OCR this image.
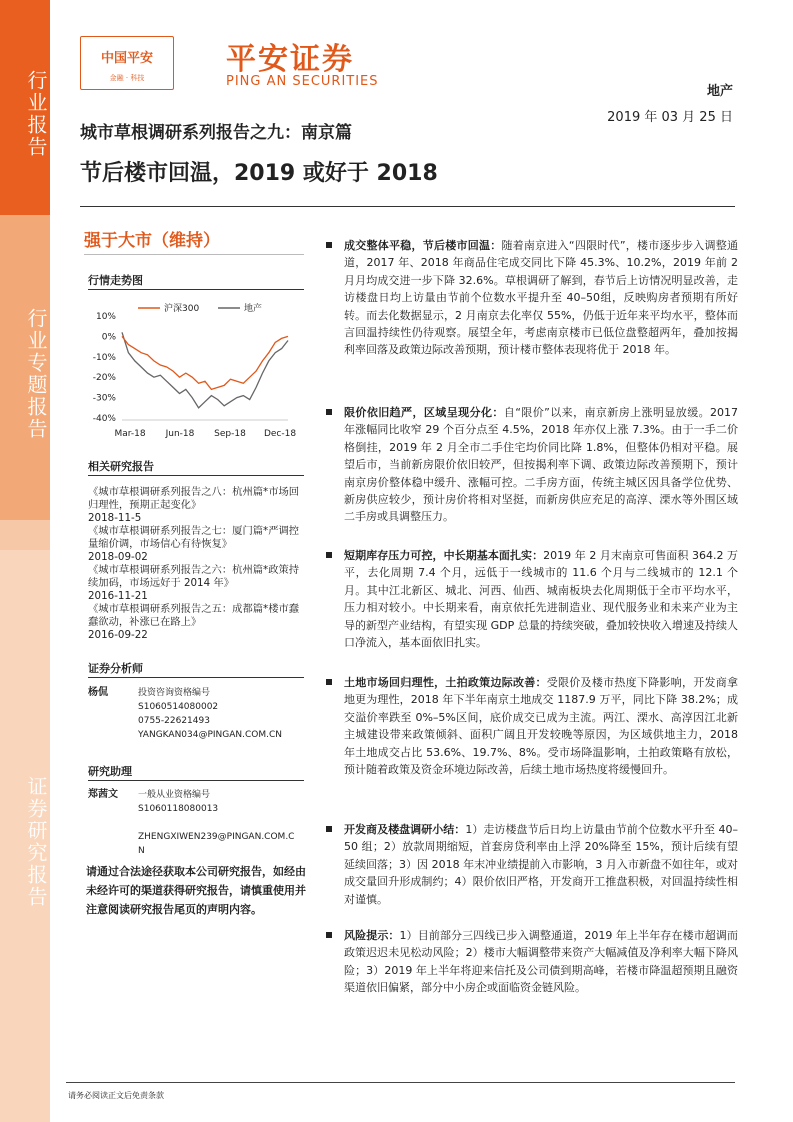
行业报告
行业专题报告
证券研究报告
中国平安
金融 · 科技
平安证券
PING AN SECURITIES
地产
2019 年 03 月 25 日
城市草根调研系列报告之九：南京篇
节后楼市回温，2019 或好于 2018
强于大市（维持）
行情走势图
10%
0%
-10%
-20%
-30%
-40%
Mar-18 Jun-18 Sep-18 Dec-18
沪深300	地产
相关研究报告
《城市草根调研系列报告之八：杭州篇*市场回归理性，预期正起变化》
2018-11-5
《城市草根调研系列报告之七：厦门篇*严调控量缩价调，市场信心有待恢复》
2018-09-02
《城市草根调研系列报告之六：杭州篇*政策持续加码，市场远好于 2014 年》
2016-11-21
《城市草根调研系列报告之五：成都篇*楼市蠢蠢欲动，补涨已在路上》
2016-09-22
证券分析师
杨侃	投资咨询资格编号
S1060514080002
0755-22621493
YANGKAN034@PINGAN.COM.CN
研究助理
郑茜文 一般从业资格编号
S1060118080013
ZHENGXIWEN239@PINGAN.COM.C
N
请通过合法途径获取本公司研究报告，如经由未经许可的渠道获得研究报告，请慎重使用并注意阅读研究报告尾页的声明内容。
成交整体平稳，节后楼市回温：随着南京进入“四限时代”，楼市逐步步入调整通道，2017 年、2018 年商品住宅成交同比下降 45.3%、10.2%，2019 年前 2 月月均成交进一步下降 32.6%。草根调研了解到，春节后上访情况明显改善，走访楼盘日均上访量由节前个位数水平提升至 40–50组，反映购房者预期有所好转。而去化数据显示，2 月南京去化率仅 55%，仍低于近年来平均水平，整体而言回温持续性仍待观察。展望全年，考虑南京楼市已低位盘整超两年，叠加按揭利率回落及政策边际改善预期，预计楼市整体表现将优于 2018 年。
限价依旧趋严，区域呈现分化：自“限价”以来，南京新房上涨明显放缓。2017 年涨幅同比收窄 29 个百分点至 4.5%，2018 年亦仅上涨 7.3%。由于一手二价格倒挂，2019 年 2 月全市二手住宅均价同比降 1.8%，但整体仍相对平稳。展望后市，当前新房限价依旧较严，但按揭利率下调、政策边际改善预期下，预计南京房价整体稳中缓升、涨幅可控。二手房方面，传统主城区因具备学位优势、新房供应较少，预计房价将相对坚挺，而新房供应充足的高淳、溧水等外围区域二手房或具调整压力。
短期库存压力可控，中长期基本面扎实：2019 年 2 月末南京可售面积 364.2 万平，去化周期 7.4 个月，远低于一线城市的 11.6 个月与二线城市的 12.1 个月。其中江北新区、城北、河西、仙西、城南板块去化周期低于全市平均水平，压力相对较小。中长期来看，南京依托先进制造业、现代服务业和未来产业为主导的新型产业结构，有望实现 GDP 总量的持续突破，叠加较快收入增速及持续人口净流入，基本面依旧扎实。
土地市场回归理性，土拍政策边际改善：受限价及楼市热度下降影响，开发商拿地更为理性，2018 年下半年南京土地成交 1187.9 万平，同比下降 38.2%；成交溢价率跌至 0%–5%区间，底价成交已成为主流。两江、溧水、高淳因江北新主城建设带来政策倾斜、面积广阔且开发较晚等原因，为区域供地主力，2018 年土地成交占比 53.6%、19.7%、8%。受市场降温影响，土拍政策略有放松，预计随着政策及资金环境边际改善，后续土地市场热度将缓慢回升。
开发商及楼盘调研小结：1）走访楼盘节后日均上访量由节前个位数水平升至 40–50 组；2）放款周期缩短，首套房贷利率由上浮 20%降至 15%，预计后续有望延续回落；3）因 2018 年末冲业绩提前入市影响，3 月入市新盘不如往年，或对成交量回升形成制约；4）限价依旧严格，开发商开工推盘积极，对回温持续性相对谨慎。
风险提示：1）目前部分三四线已步入调整通道，2019 年上半年存在楼市超调而政策迟迟未见松动风险；2）楼市大幅调整带来资产大幅减值及净利率大幅下降风险；3）2019 年上半年将迎来信托及公司债到期高峰，若楼市降温超预期且融资渠道依旧偏紧，部分中小房企或面临资金链风险。
请务必阅读正文后免责条款
